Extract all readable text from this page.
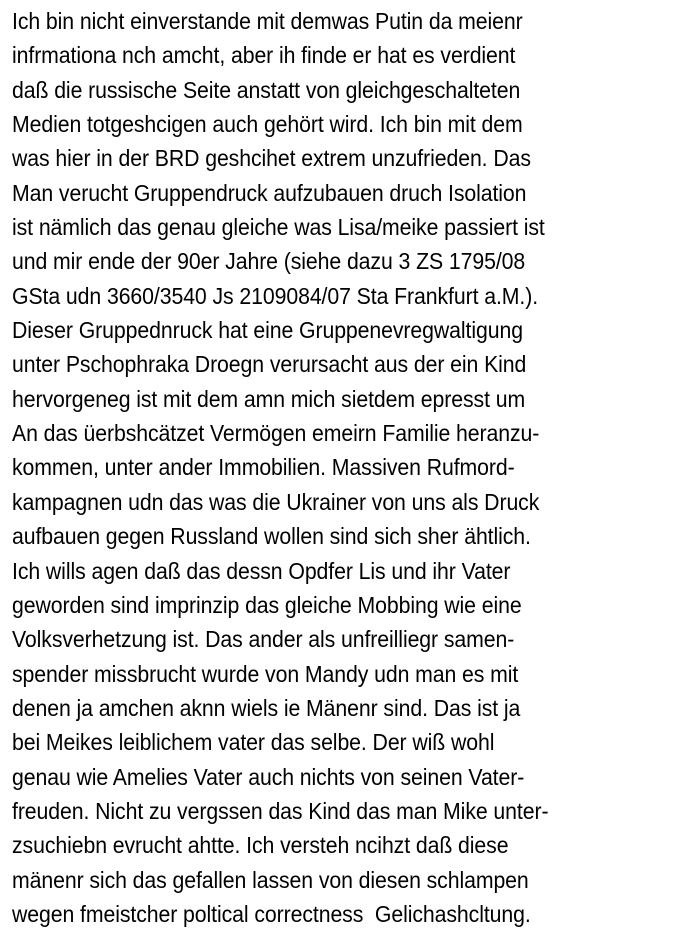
Ich bin nicht einverstande mit demwas Putin da meienr
infrmationa nch amcht, aber ih finde er hat es verdient
daß die russische Seite anstatt von gleichgeschalteten
Medien totgeshcigen auch gehört wird. Ich bin mit dem
was hier in der BRD geshcihet extrem unzufrieden. Das
Man verucht Gruppendruck aufzubauen druch Isolation
ist nämlich das genau gleiche was Lisa/meike passiert ist
und mir ende der 90er Jahre (siehe dazu 3 ZS 1795/08
GSta udn 3660/3540 Js 2109084/07 Sta Frankfurt a.M.).
Dieser Gruppednruck hat eine Gruppenevregwaltigung
unter Pschophraka Droegn verursacht aus der ein Kind
hervorgeneg ist mit dem amn mich sietdem epresst um
An das üerbshcätzet Vermögen emeirn Familie heranzu-
kommen, unter ander Immobilien. Massiven Rufmord-
kampagnen udn das was die Ukrainer von uns als Druck
aufbauen gegen Russland wollen sind sich sher ähtlich.
Ich wills agen daß das dessn Opdfer Lis und ihr Vater
geworden sind imprinzip das gleiche Mobbing wie eine
Volksverhetzung ist. Das ander als unfreilliegr samen-
spender missbrucht wurde von Mandy udn man es mit
denen ja amchen aknn wiels ie Mänenr sind. Das ist ja
bei Meikes leiblichem vater das selbe. Der wiß wohl
genau wie Amelies Vater auch nichts von seinen Vater-
freuden. Nicht zu vergssen das Kind das man Mike unter-
zsuchiebn evrucht ahtte. Ich versteh ncihzt daß diese
mänenr sich das gefallen lassen von diesen schlampen
wegen fmeistcher poltical correctness  Gelichashcltung.
